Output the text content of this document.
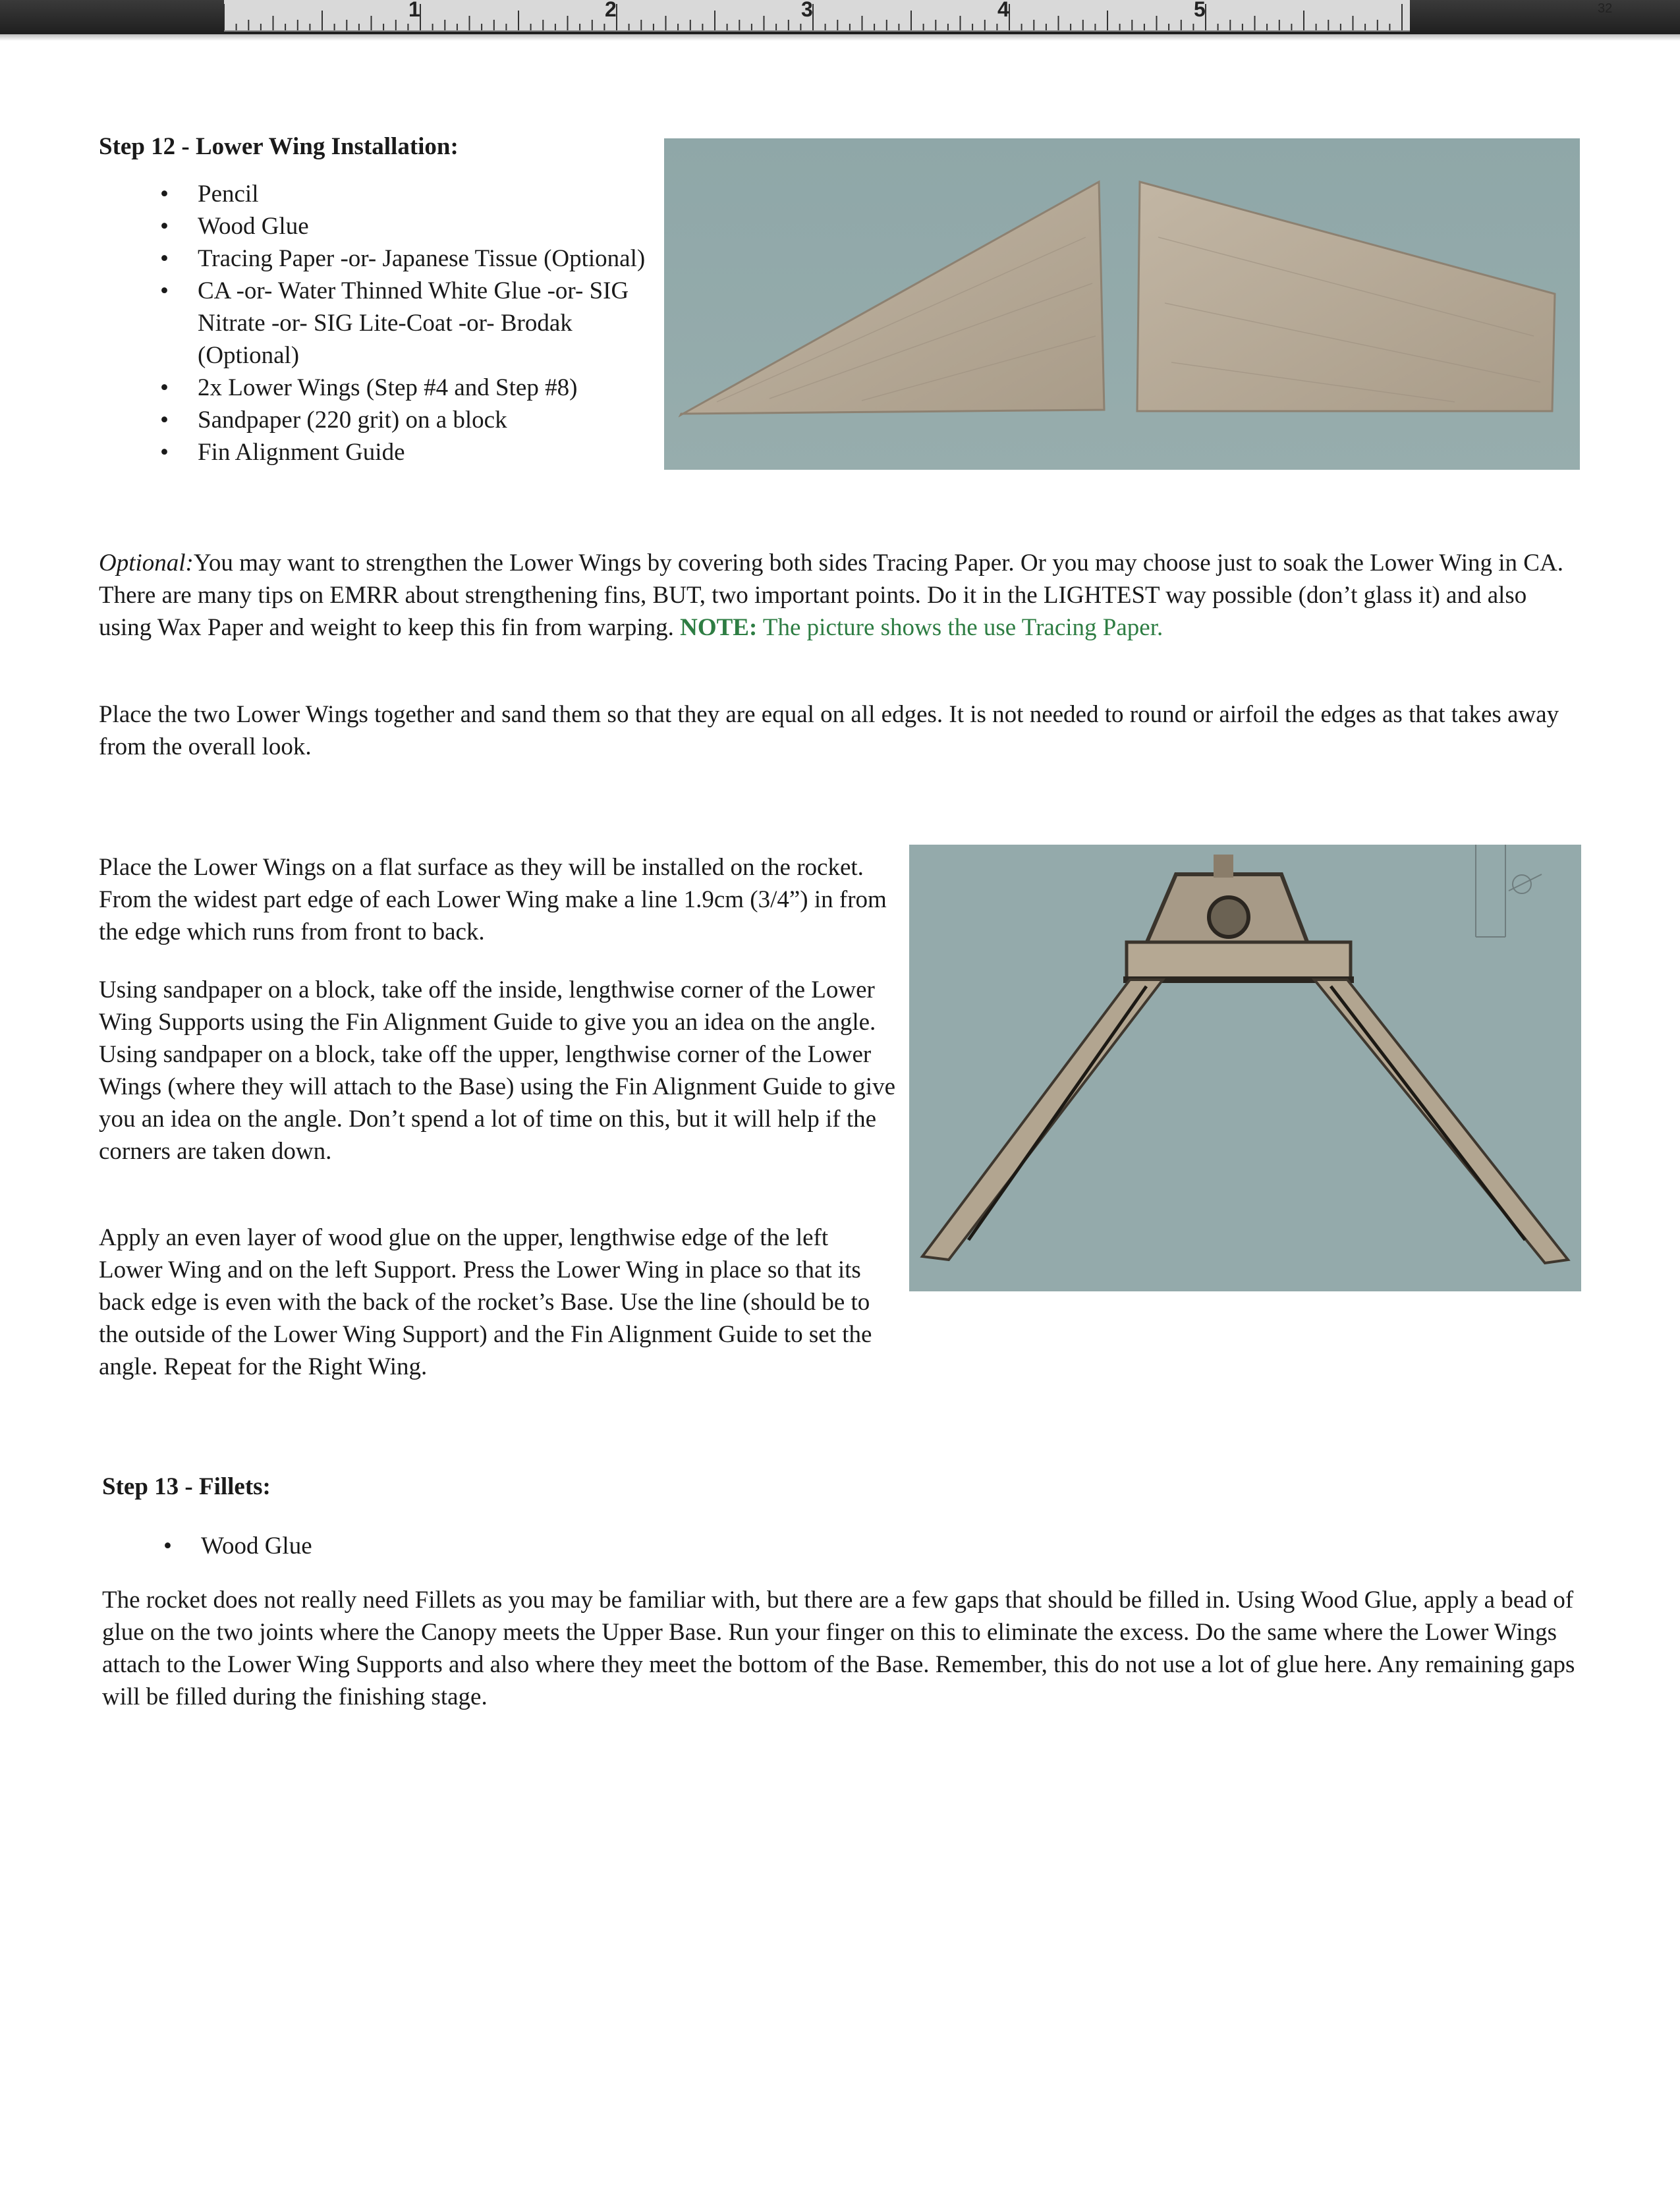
1	2	3	4	5	32
Step 12 - Lower Wing Installation:
• Pencil
• Wood Glue
• Tracing Paper -or- Japanese Tissue (Optional)
• CA -or- Water Thinned White Glue -or- SIG Nitrate -or- SIG Lite-Coat -or- Brodak (Optional)
• 2x Lower Wings (Step #4 and Step #8)
• Sandpaper (220 grit) on a block
• Fin Alignment Guide

Optional:You may want to strengthen the Lower Wings by covering both sides Tracing Paper. Or you may choose just to soak the Lower Wing in CA. There are many tips on EMRR about strengthening fins, BUT, two important points. Do it in the LIGHTEST way possible (don’t glass it) and also using Wax Paper and weight to keep this fin from warping. NOTE: The picture shows the use Tracing Paper.

Place the two Lower Wings together and sand them so that they are equal on all edges. It is not needed to round or airfoil the edges as that takes away from the overall look.

Place the Lower Wings on a flat surface as they will be installed on the rocket. From the widest part edge of each Lower Wing make a line 1.9cm (3/4”) in from the edge which runs from front to back.

Using sandpaper on a block, take off the inside, lengthwise corner of the Lower Wing Supports using the Fin Alignment Guide to give you an idea on the angle. Using sandpaper on a block, take off the upper, lengthwise corner of the Lower Wings (where they will attach to the Base) using the Fin Alignment Guide to give you an idea on the angle. Don’t spend a lot of time on this, but it will help if the corners are taken down.

Apply an even layer of wood glue on the upper, lengthwise edge of the left Lower Wing and on the left Support. Press the Lower Wing in place so that its back edge is even with the back of the rocket’s Base. Use the line (should be to the outside of the Lower Wing Support) and the Fin Alignment Guide to set the angle. Repeat for the Right Wing.

Step 13 - Fillets:
• Wood Glue

The rocket does not really need Fillets as you may be familiar with, but there are a few gaps that should be filled in. Using Wood Glue, apply a bead of glue on the two joints where the Canopy meets the Upper Base. Run your finger on this to eliminate the excess. Do the same where the Lower Wings attach to the Lower Wing Supports and also where they meet the bottom of the Base. Remember, this do not use a lot of glue here. Any remaining gaps will be filled during the finishing stage.
